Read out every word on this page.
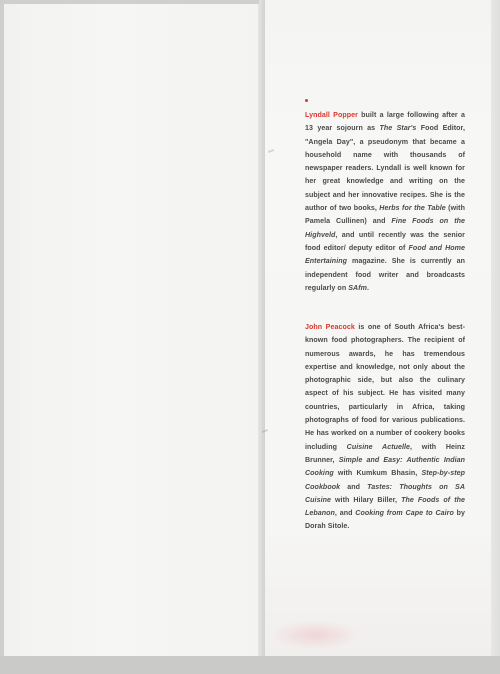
Lyndall Popper built a large following after a 13 year sojourn as The Star's Food Editor, "Angela Day", a pseudonym that became a household name with thousands of newspaper readers. Lyndall is well known for her great knowledge and writing on the subject and her innovative recipes. She is the author of two books, Herbs for the Table (with Pamela Cullinen) and Fine Foods on the Highveld, and until recently was the senior food editor/ deputy editor of Food and Home Entertaining magazine. She is currently an independent food writer and broadcasts regularly on SAfm.
John Peacock is one of South Africa's best-known food photographers. The recipient of numerous awards, he has tremendous expertise and knowledge, not only about the photographic side, but also the culinary aspect of his subject. He has visited many countries, particularly in Africa, taking photographs of food for various publications. He has worked on a number of cookery books including Cuisine Actuelle, with Heinz Brunner, Simple and Easy: Authentic Indian Cooking with Kumkum Bhasin, Step-by-step Cookbook and Tastes: Thoughts on SA Cuisine with Hilary Biller, The Foods of the Lebanon, and Cooking from Cape to Cairo by Dorah Sitole.
